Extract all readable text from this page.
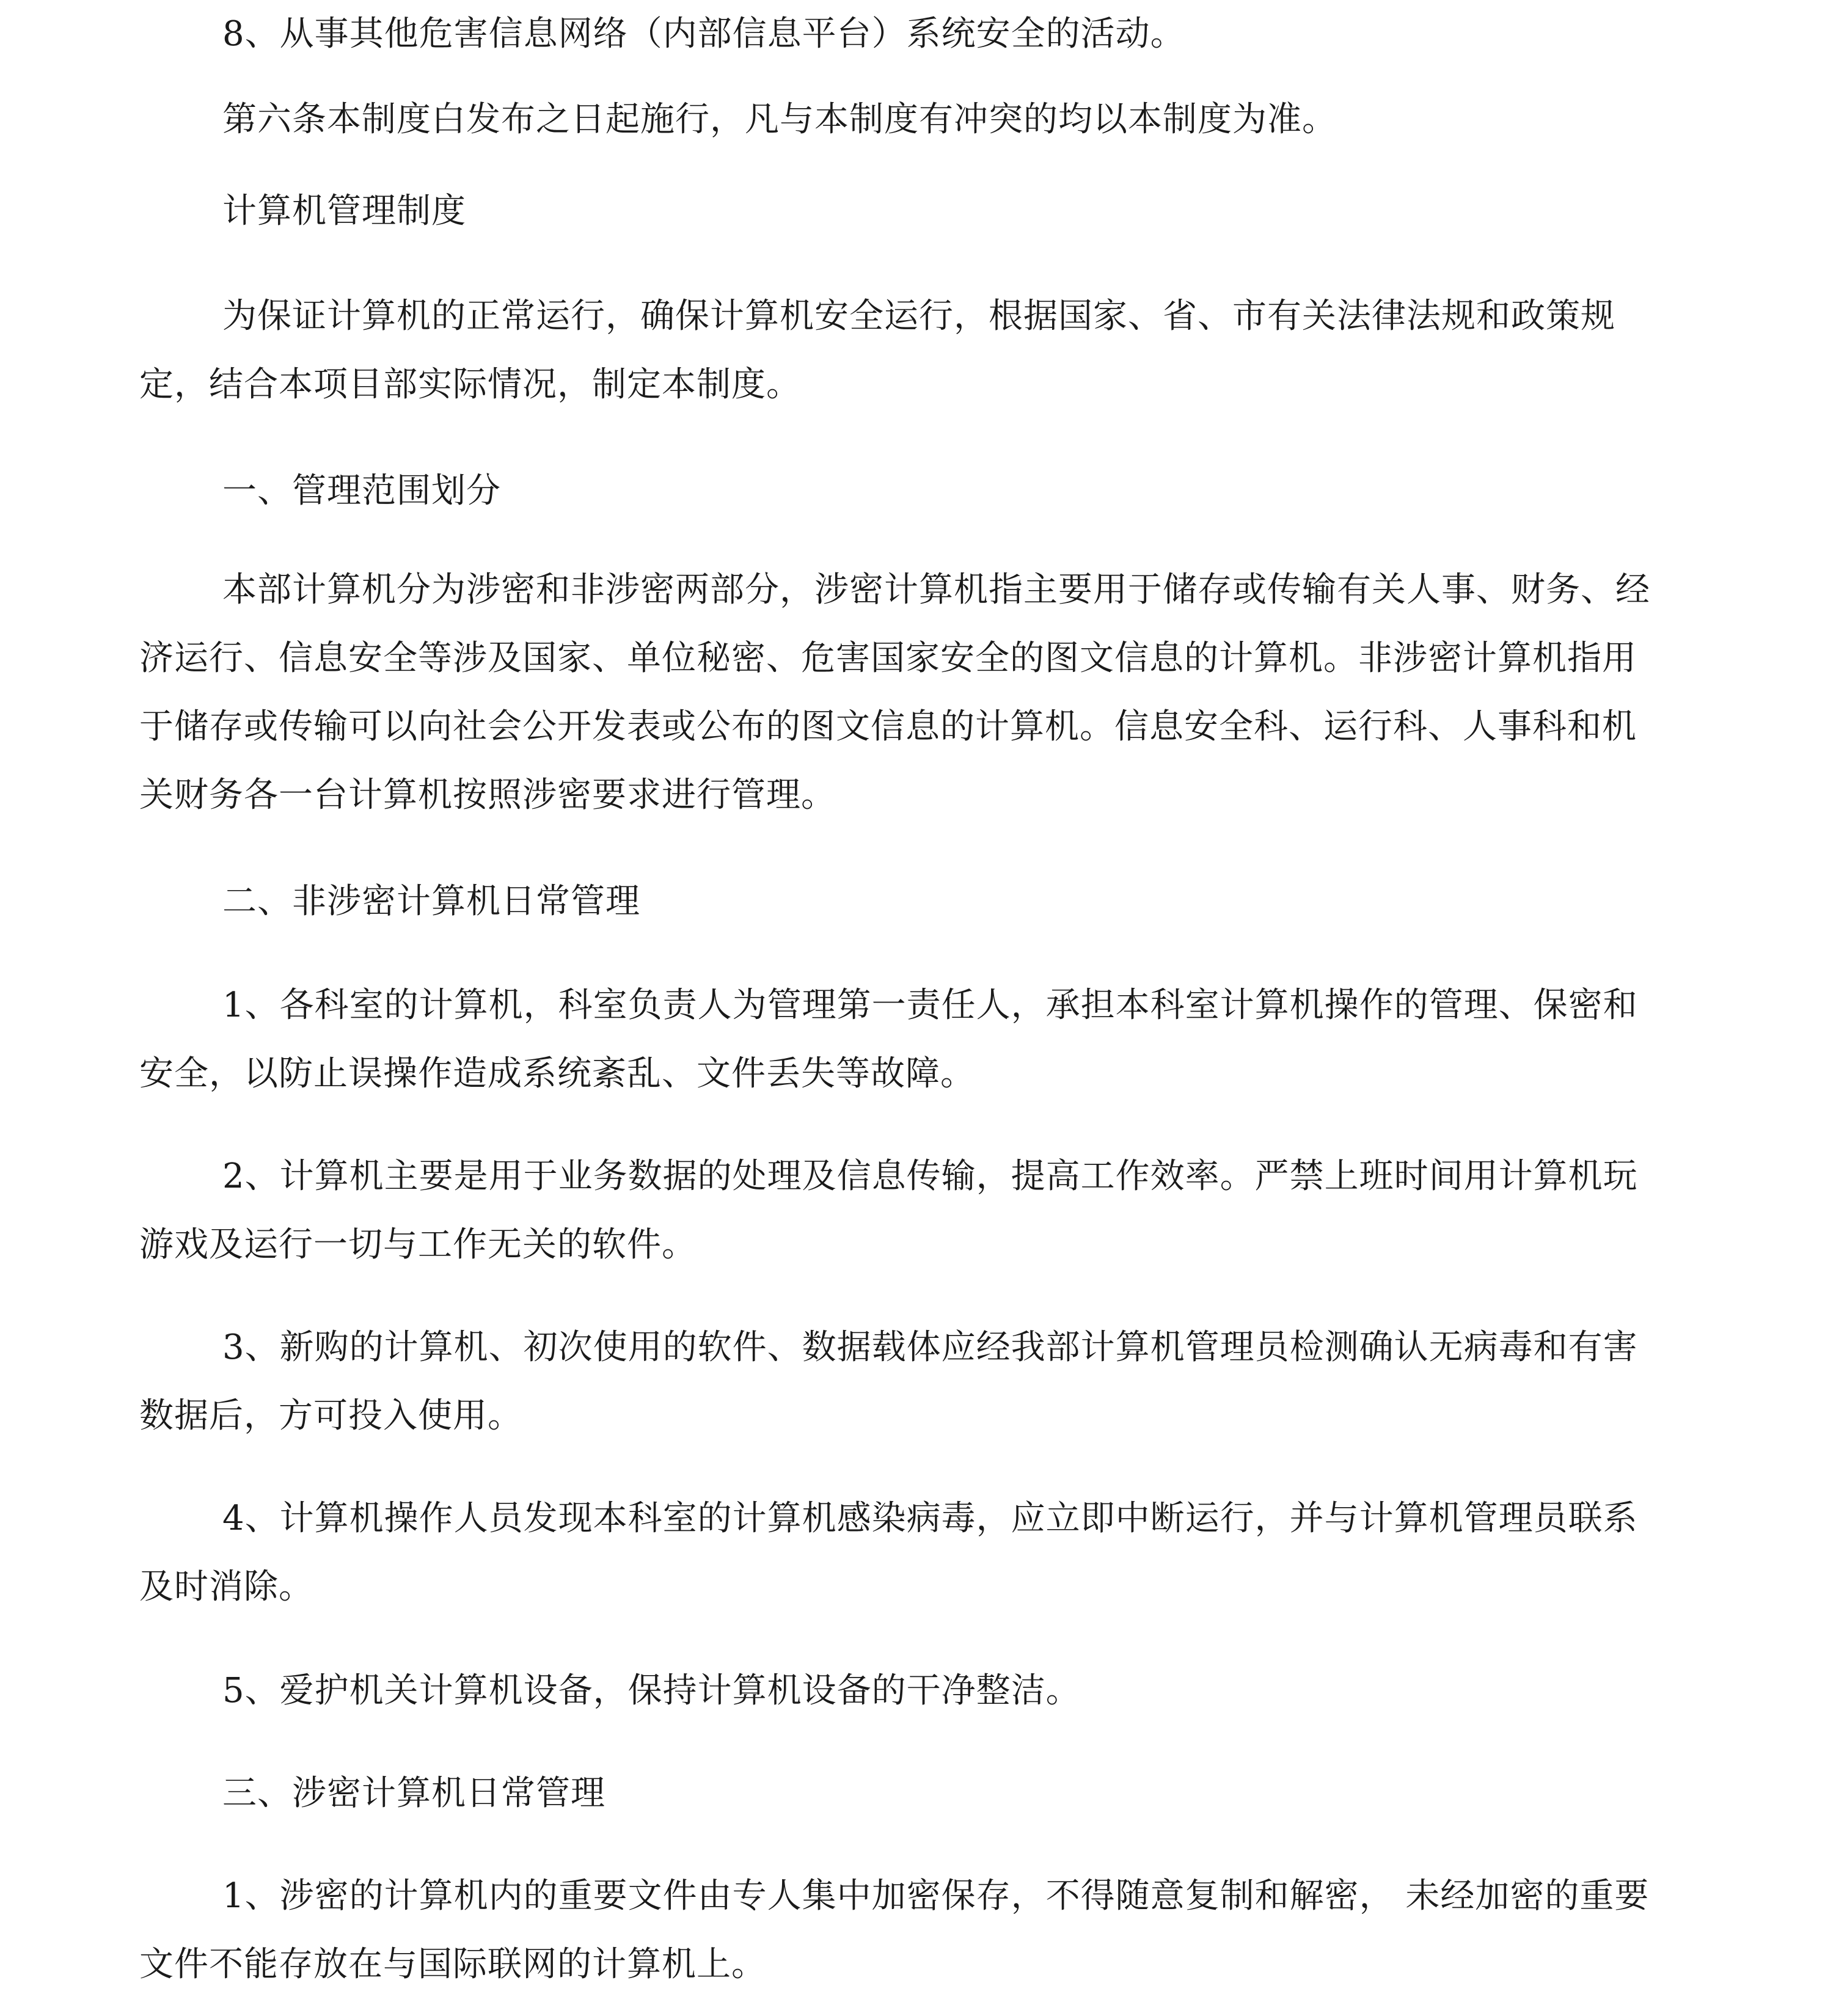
8、从事其他危害信息网络（内部信息平台）系统安全的活动。

第六条本制度白发布之日起施行，凡与本制度有冲突的均以本制度为准。

计算机管理制度

为保证计算机的正常运行，确保计算机安全运行，根据国家、省、市有关法律法规和政策规定，结合本项目部实际情况，制定本制度。

一、管理范围划分

本部计算机分为涉密和非涉密两部分，涉密计算机指主要用于储存或传输有关人事、财务、经济运行、信息安全等涉及国家、单位秘密、危害国家安全的图文信息的计算机。非涉密计算机指用于储存或传输可以向社会公开发表或公布的图文信息的计算机。信息安全科、运行科、人事科和机关财务各一台计算机按照涉密要求进行管理。

二、非涉密计算机日常管理

1、各科室的计算机，科室负责人为管理第一责任人，承担本科室计算机操作的管理、保密和安全，以防止误操作造成系统紊乱、文件丢失等故障。

2、计算机主要是用于业务数据的处理及信息传输，提高工作效率。严禁上班时间用计算机玩游戏及运行一切与工作无关的软件。

3、新购的计算机、初次使用的软件、数据载体应经我部计算机管理员检测确认无病毒和有害数据后，方可投入使用。

4、计算机操作人员发现本科室的计算机感染病毒，应立即中断运行，并与计算机管理员联系及时消除。

5、爱护机关计算机设备，保持计算机设备的干净整洁。

三、涉密计算机日常管理

1、涉密的计算机内的重要文件由专人集中加密保存，不得随意复制和解密， 未经加密的重要文件不能存放在与国际联网的计算机上。
